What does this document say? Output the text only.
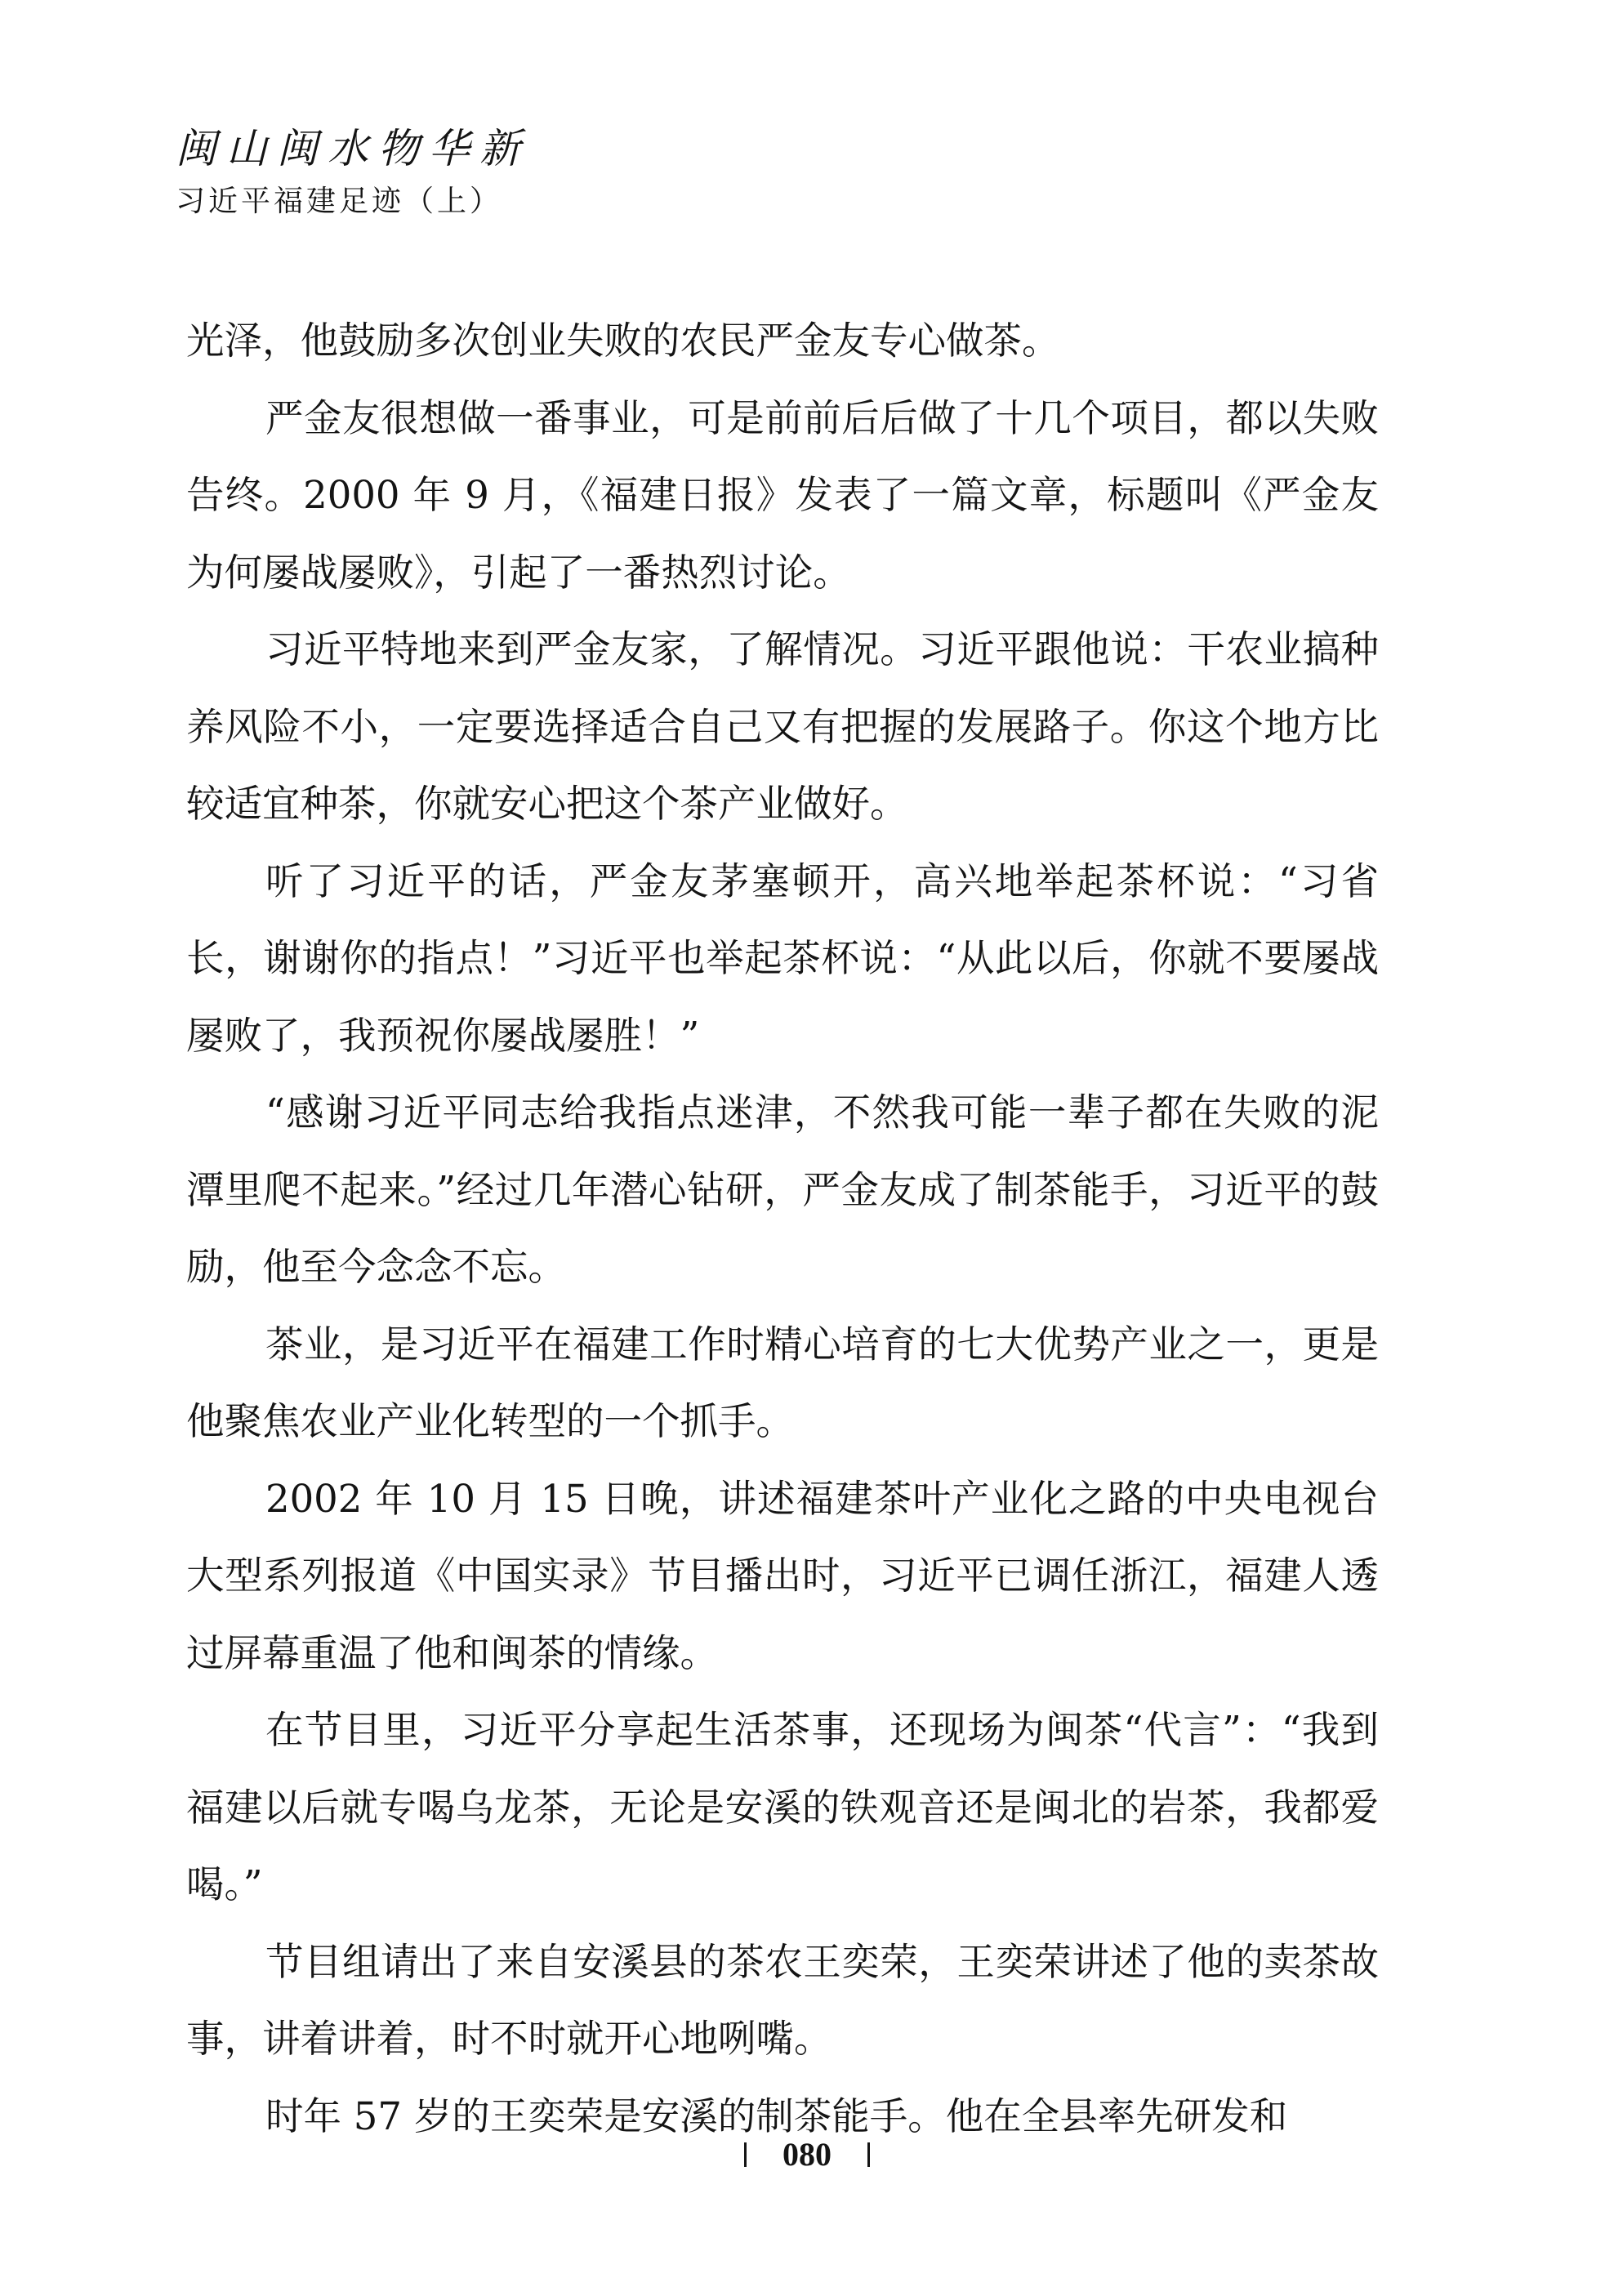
闽山闽水物华新
习近平福建足迹（上）

光泽，他鼓励多次创业失败的农民严金友专心做茶。

严金友很想做一番事业，可是前前后后做了十几个项目，都以失败告终。2000 年 9 月，《福建日报》发表了一篇文章，标题叫《严金友为何屡战屡败》，引起了一番热烈讨论。

习近平特地来到严金友家，了解情况。习近平跟他说：干农业搞种养风险不小，一定要选择适合自己又有把握的发展路子。你这个地方比较适宜种茶，你就安心把这个茶产业做好。

听了习近平的话，严金友茅塞顿开，高兴地举起茶杯说：“习省长，谢谢你的指点！”习近平也举起茶杯说：“从此以后，你就不要屡战屡败了，我预祝你屡战屡胜！”

“感谢习近平同志给我指点迷津，不然我可能一辈子都在失败的泥潭里爬不起来。”经过几年潜心钻研，严金友成了制茶能手，习近平的鼓励，他至今念念不忘。

茶业，是习近平在福建工作时精心培育的七大优势产业之一，更是他聚焦农业产业化转型的一个抓手。

2002 年 10 月 15 日晚，讲述福建茶叶产业化之路的中央电视台大型系列报道《中国实录》节目播出时，习近平已调任浙江，福建人透过屏幕重温了他和闽茶的情缘。

在节目里，习近平分享起生活茶事，还现场为闽茶“代言”：“我到福建以后就专喝乌龙茶，无论是安溪的铁观音还是闽北的岩茶，我都爱喝。”

节目组请出了来自安溪县的茶农王奕荣，王奕荣讲述了他的卖茶故事，讲着讲着，时不时就开心地咧嘴。

时年 57 岁的王奕荣是安溪的制茶能手。他在全县率先研发和

080
